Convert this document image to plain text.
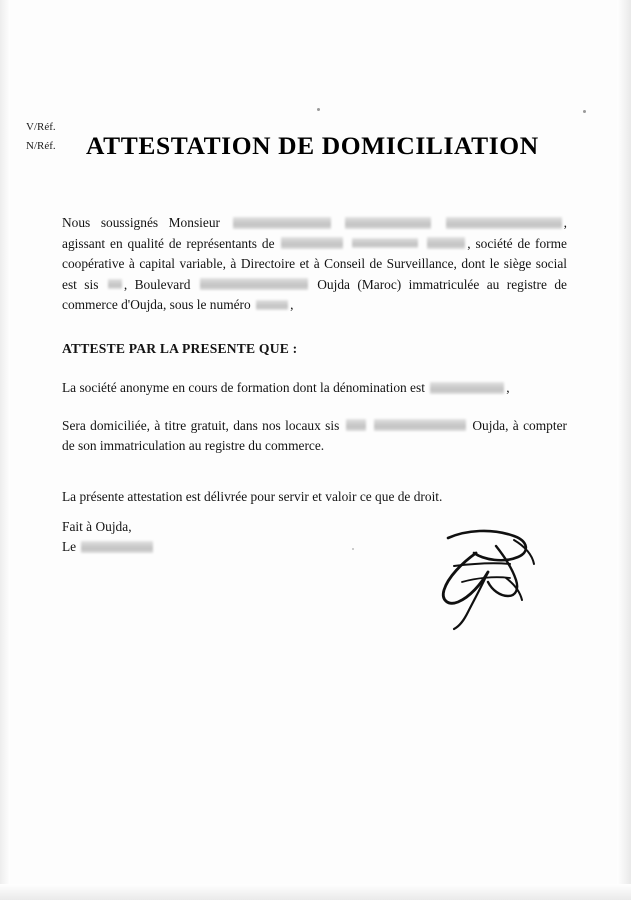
V/Réf.
N/Réf. ATTESTATION DE DOMICILIATION

Nous soussignés Monsieur	, agissant en qualité de représentants de	, société de forme coopérative à capital variable, à Directoire et à Conseil de Surveillance, dont le siège social est sis , Boulevard	Oujda (Maroc) immatriculée au registre de commerce d'Oujda, sous le numéro	,

ATTESTE PAR LA PRESENTE QUE :

La société anonyme en cours de formation dont la dénomination est	,

Sera domiciliée, à titre gratuit, dans nos locaux sis	Oujda, à compter de son immatriculation au registre du commerce.

La présente attestation est délivrée pour servir et valoir ce que de droit.

Fait à Oujda,
Le
